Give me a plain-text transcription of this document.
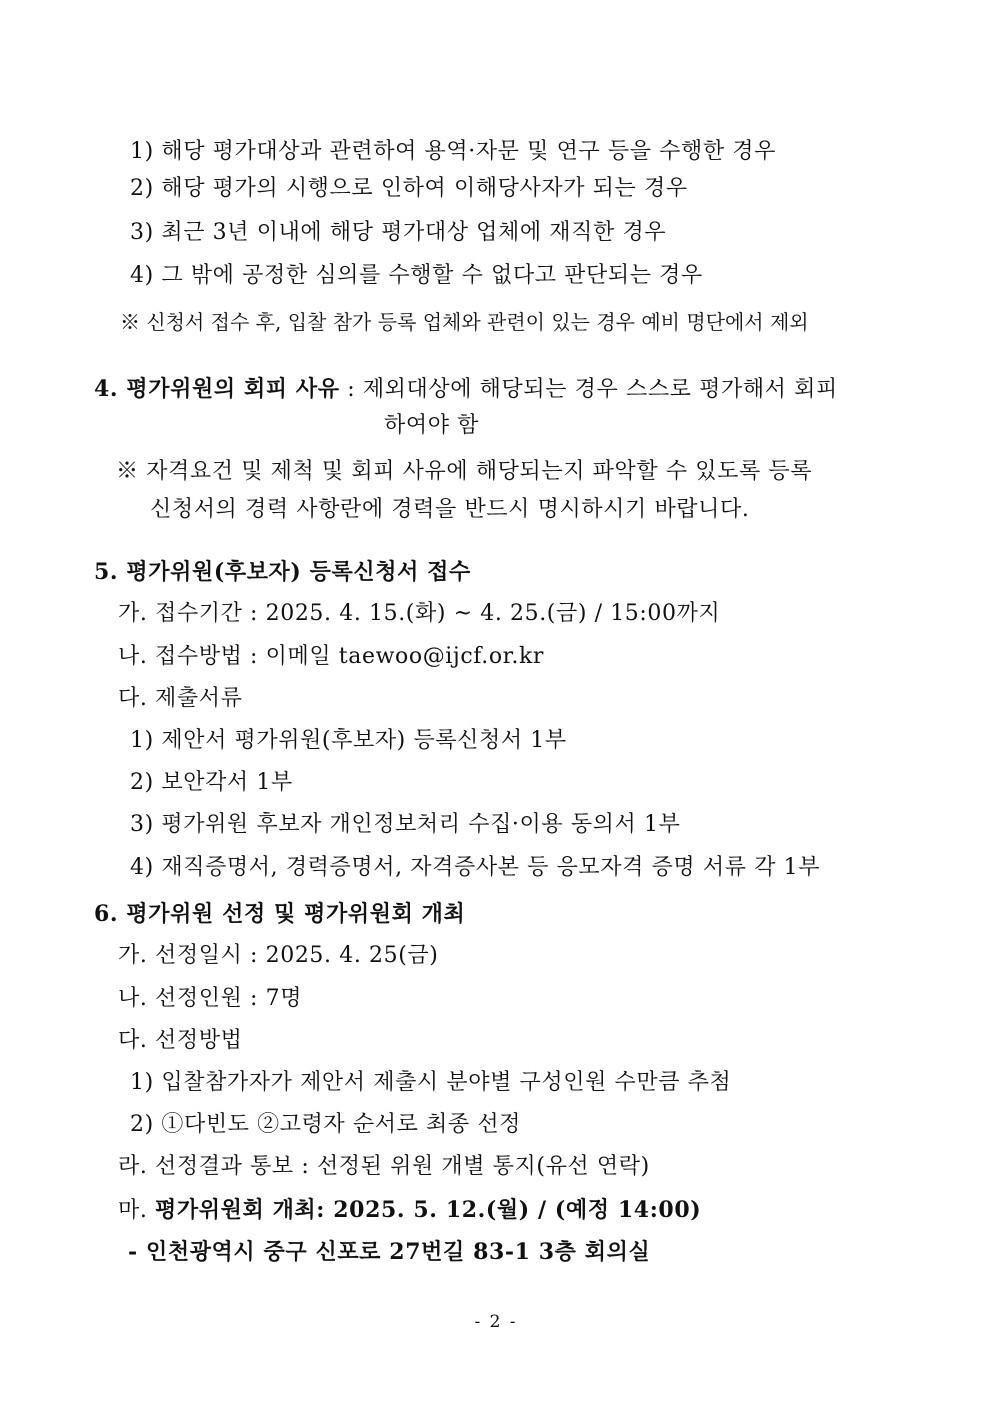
1) 해당 평가대상과 관련하여 용역·자문 및 연구 등을 수행한 경우
2) 해당 평가의 시행으로 인하여 이해당사자가 되는 경우
3) 최근 3년 이내에 해당 평가대상 업체에 재직한 경우
4) 그 밖에 공정한 심의를 수행할 수 없다고 판단되는 경우
※ 신청서 접수 후, 입찰 참가 등록 업체와 관련이 있는 경우 예비 명단에서 제외
4. 평가위원의 회피 사유 : 제외대상에 해당되는 경우 스스로 평가해서 회피
하여야 함
※ 자격요건 및 제척 및 회피 사유에 해당되는지 파악할 수 있도록 등록
신청서의 경력 사항란에 경력을 반드시 명시하시기 바랍니다.
5. 평가위원(후보자) 등록신청서 접수
가. 접수기간 : 2025. 4. 15.(화) ~ 4. 25.(금) / 15:00까지
나. 접수방법 : 이메일 taewoo@ijcf.or.kr
다. 제출서류
1) 제안서 평가위원(후보자) 등록신청서 1부
2) 보안각서 1부
3) 평가위원 후보자 개인정보처리 수집·이용 동의서 1부
4) 재직증명서, 경력증명서, 자격증사본 등 응모자격 증명 서류 각 1부
6. 평가위원 선정 및 평가위원회 개최
가. 선정일시 : 2025. 4. 25(금)
나. 선정인원 : 7명
다. 선정방법
1) 입찰참가자가 제안서 제출시 분야별 구성인원 수만큼 추첨
2) ①다빈도 ②고령자 순서로 최종 선정
라. 선정결과 통보 : 선정된 위원 개별 통지(유선 연락)
마. 평가위원회 개최: 2025. 5. 12.(월) / (예정 14:00)
- 인천광역시 중구 신포로 27번길 83-1 3층 회의실
- 2 -
